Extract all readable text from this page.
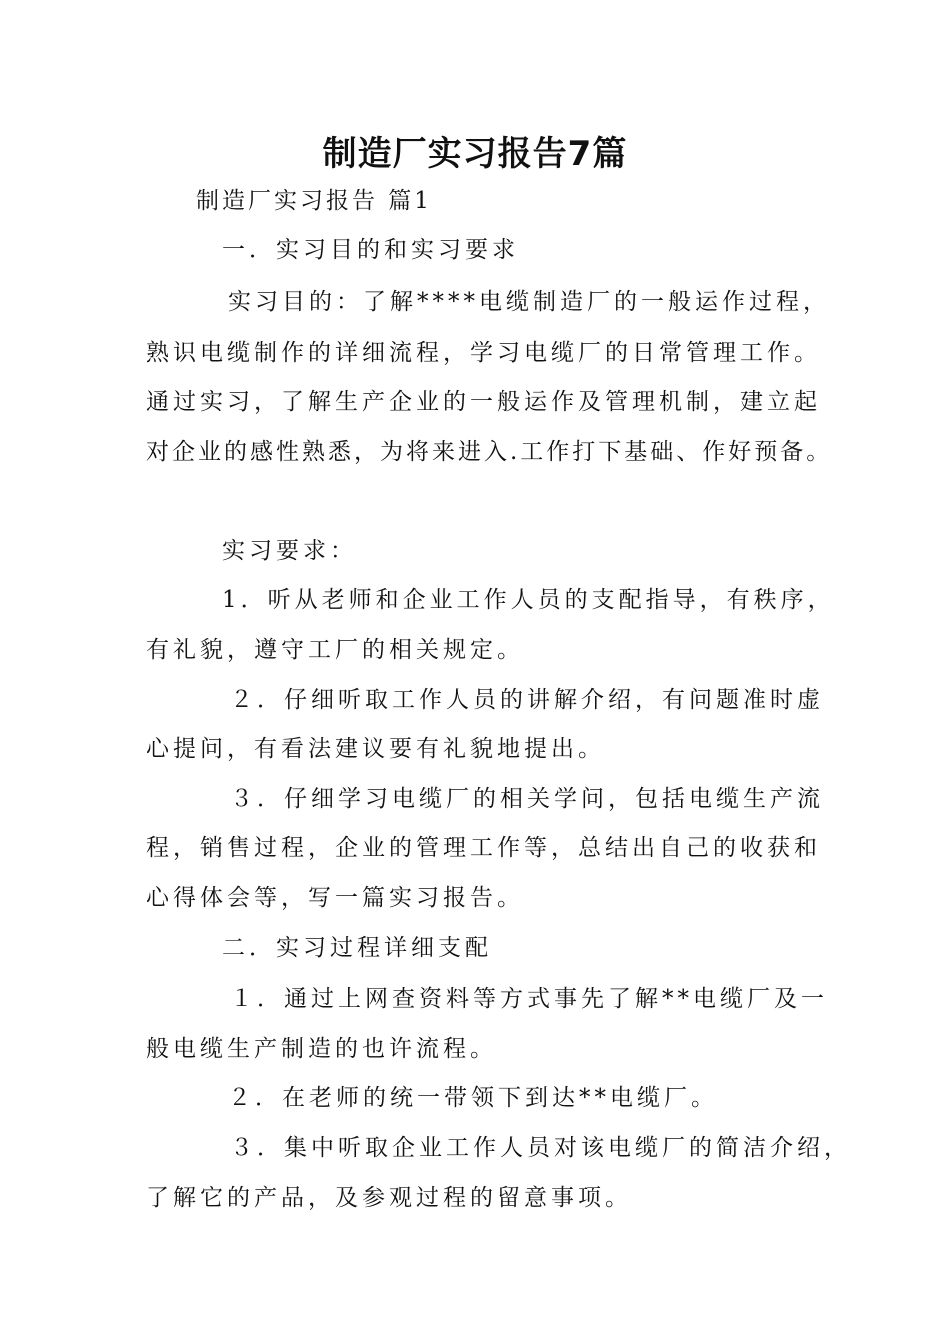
制造厂实习报告7篇

制造厂实习报告 篇1

一．实习目的和实习要求

实习目的：了解****电缆制造厂的一般运作过程，

熟识电缆制作的详细流程，学习电缆厂的日常管理工作。

通过实习，了解生产企业的一般运作及管理机制，建立起

对企业的感性熟悉，为将来进入.工作打下基础、作好预备。

实习要求：

1．听从老师和企业工作人员的支配指导，有秩序，

有礼貌，遵守工厂的相关规定。

２．仔细听取工作人员的讲解介绍，有问题准时虚

心提问，有看法建议要有礼貌地提出。

３．仔细学习电缆厂的相关学问，包括电缆生产流

程，销售过程，企业的管理工作等，总结出自己的收获和

心得体会等，写一篇实习报告。

二．实习过程详细支配

１．通过上网查资料等方式事先了解**电缆厂及一

般电缆生产制造的也许流程。

２．在老师的统一带领下到达**电缆厂。

３．集中听取企业工作人员对该电缆厂的简洁介绍，

了解它的产品，及参观过程的留意事项。
